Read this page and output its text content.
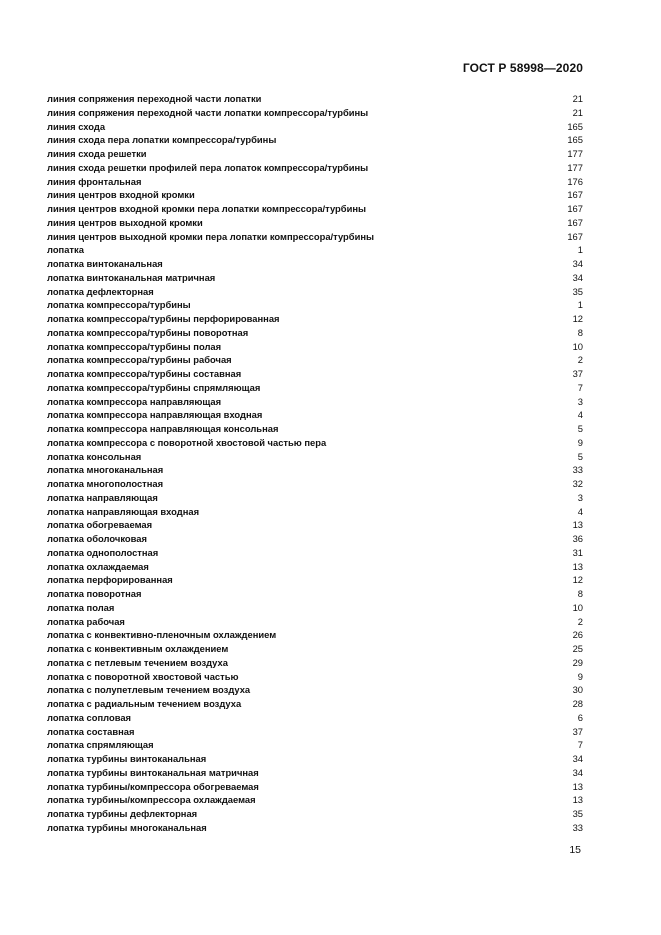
ГОСТ Р 58998—2020
линия сопряжения переходной части лопатки	21
линия сопряжения переходной части лопатки компрессора/турбины	21
линия схода	165
линия схода пера лопатки компрессора/турбины	165
линия схода решетки	177
линия схода решетки профилей пера лопаток компрессора/турбины	177
линия фронтальная	176
линия центров входной кромки	167
линия центров входной кромки пера лопатки компрессора/турбины	167
линия центров выходной кромки	167
линия центров выходной кромки пера лопатки компрессора/турбины	167
лопатка	1
лопатка винтоканальная	34
лопатка винтоканальная матричная	34
лопатка дефлекторная	35
лопатка компрессора/турбины	1
лопатка компрессора/турбины перфорированная	12
лопатка компрессора/турбины поворотная	8
лопатка компрессора/турбины полая	10
лопатка компрессора/турбины рабочая	2
лопатка компрессора/турбины составная	37
лопатка компрессора/турбины спрямляющая	7
лопатка компрессора направляющая	3
лопатка компрессора направляющая входная	4
лопатка компрессора направляющая консольная	5
лопатка компрессора с поворотной хвостовой частью пера	9
лопатка консольная	5
лопатка многоканальная	33
лопатка многополостная	32
лопатка направляющая	3
лопатка направляющая входная	4
лопатка обогреваемая	13
лопатка оболочковая	36
лопатка однополостная	31
лопатка охлаждаемая	13
лопатка перфорированная	12
лопатка поворотная	8
лопатка полая	10
лопатка рабочая	2
лопатка с конвективно-пленочным охлаждением	26
лопатка с конвективным охлаждением	25
лопатка с петлевым течением воздуха	29
лопатка с поворотной хвостовой частью	9
лопатка с полупетлевым течением воздуха	30
лопатка с радиальным течением воздуха	28
лопатка сопловая	6
лопатка составная	37
лопатка спрямляющая	7
лопатка турбины винтоканальная	34
лопатка турбины винтоканальная матричная	34
лопатка турбины/компрессора обогреваемая	13
лопатка турбины/компрессора охлаждаемая	13
лопатка турбины дефлекторная	35
лопатка турбины многоканальная	33
15
